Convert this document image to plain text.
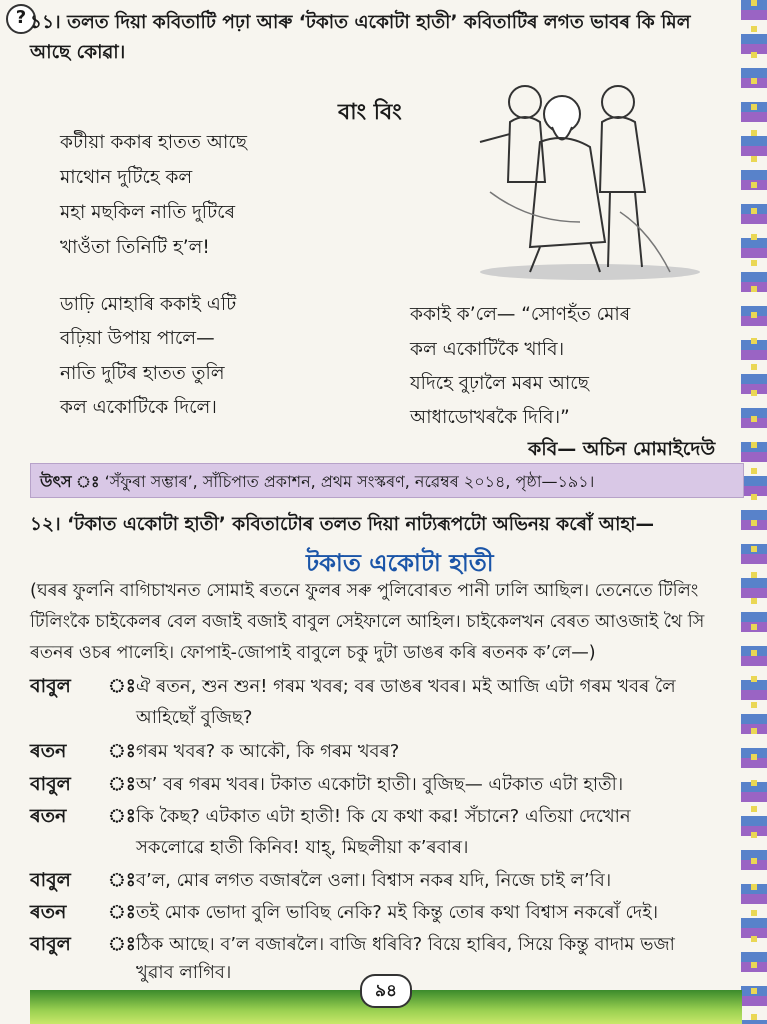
? ১১। তলত দিয়া কবিতাটি পঢ়া আৰু ‘টকাত একোটা হাতী’ কবিতাটিৰ লগত ভাবৰ কি মিল
আছে কোৱা।
বাং বিং
কটীয়া ককাৰ হাতত আছে
মাথোন দুটিহে কল
মহা মছকিল নাতি দুটিৰে
খাওঁতা তিনিটি হ’ল!
ডাঢ়ি মোহাৰি ককাই এটি
বঢ়িয়া উপায় পালে—
নাতি দুটিৰ হাতত তুলি
কল একোটিকে দিলে।
ককাই ক’লে— “সোণহঁত মোৰ
কল একোটিকৈ খাবি।
যদিহে বুঢ়ালৈ মৰম আছে
আধাডোখৰকৈ দিবি।”
কবি— অচিন মোমাইদেউ
উৎস ঃ ‘সঁফুৰা সম্ভাৰ’, সাঁচিপাত প্ৰকাশন, প্ৰথম সংস্কৰণ, নৱেম্বৰ ২০১৪, পৃষ্ঠা—১৯১।
১২। ‘টকাত একোটা হাতী’ কবিতাটোৰ তলত দিয়া নাট্যৰূপটো অভিনয় কৰোঁ আহা—
টকাত একোটা হাতী
(ঘৰৰ ফুলনি বাগিচাখনত সোমাই ৰতনে ফুলৰ সৰু পুলিবোৰত পানী ঢালি আছিল। তেনেতে টিলিং
টিলিংকৈ চাইকেলৰ বেল বজাই বজাই বাবুল সেইফালে আহিল। চাইকেলখন বেৰত আওজাই থৈ সি
ৰতনৰ ওচৰ পালেহি। ফোপাই-জোপাই বাবুলে চকু দুটা ডাঙৰ কৰি ৰতনক ক’লে—)
বাবুল ঃ ঐ ৰতন, শুন শুন! গৰম খবৰ; বৰ ডাঙৰ খবৰ। মই আজি এটা গৰম খবৰ লৈ
আহিছোঁ বুজিছ?
ৰতন ঃ গৰম খবৰ? ক আকৌ, কি গৰম খবৰ?
বাবুল ঃ অ’ বৰ গৰম খবৰ। টকাত একোটা হাতী। বুজিছ— এটকাত এটা হাতী।
ৰতন ঃ কি কৈছ? এটকাত এটা হাতী! কি যে কথা কৱ! সঁচানে? এতিয়া দেখোন
সকলোৱে হাতী কিনিব! যাহ্, মিছলীয়া ক’ৰবাৰ।
বাবুল ঃ ব’ল, মোৰ লগত বজাৰলৈ ওলা। বিশ্বাস নকৰ যদি, নিজে চাই ল’বি।
ৰতন ঃ তই মোক ভোদা বুলি ভাবিছ নেকি? মই কিন্তু তোৰ কথা বিশ্বাস নকৰোঁ দেই।
বাবুল ঃ ঠিক আছে। ব’ল বজাৰলৈ। বাজি ধৰিবি? বিয়ে হাৰিব, সিয়ে কিন্তু বাদাম ভজা
খুৱাব লাগিব।
৯৪
